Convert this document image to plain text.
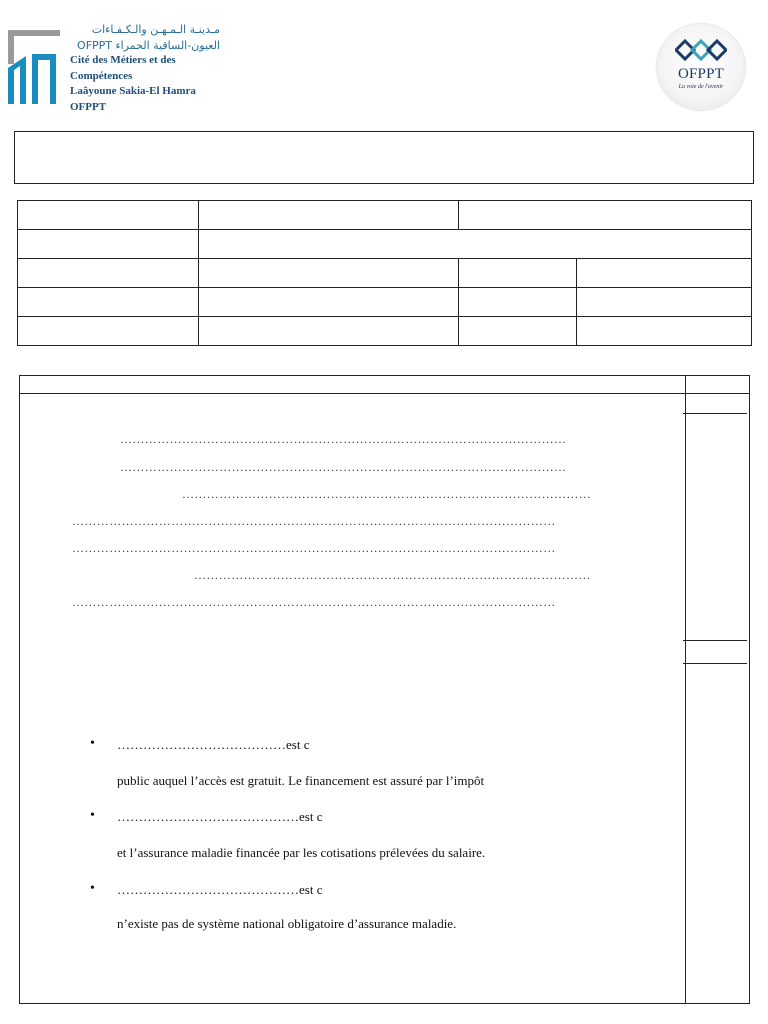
مـدينـة الـمـهـن والـكـفـاءات
العيون-الساقية الحمراء OFPPT
Cité des Métiers et des Compétences
Laâyoune Sakia-El Hamra OFPPT
OFPPT
La voie de l'avenir

………………………………………………………………………………………………
………………………………………………………………………………………………
………………………………………………………………………………………
………………………………………………………………………………………………………
………………………………………………………………………………………………………
……………………………………………………………………………………
………………………………………………………………………………………………………
• …………………………………est c
public auquel l’accès est gratuit. Le financement est assuré par l’impôt
• ……………………………………est c
et l’assurance maladie financée par les cotisations prélevées du salaire.
• ……………………………………est c
n’existe pas de système national obligatoire d’assurance maladie.
